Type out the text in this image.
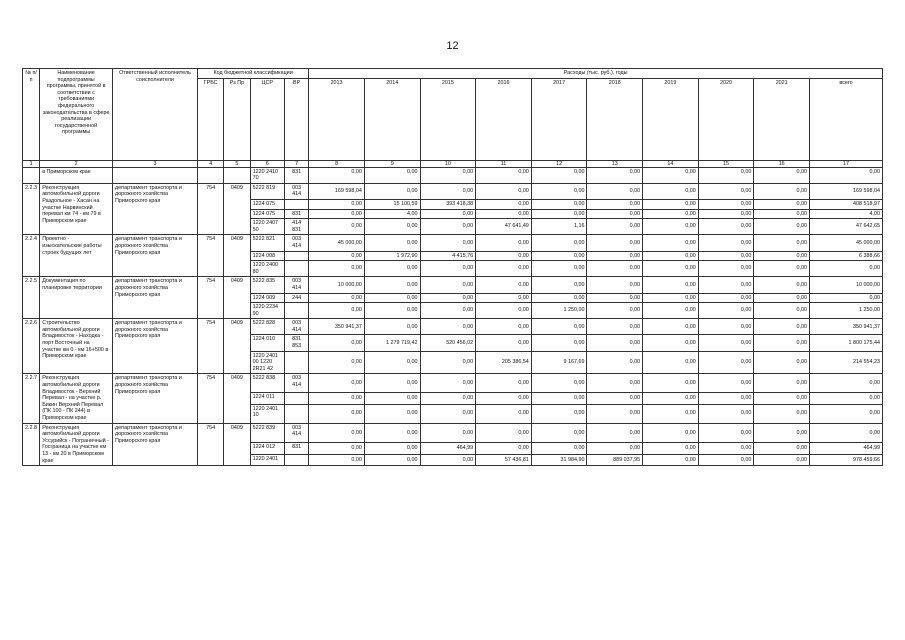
12
№ п/п	Наименование подпрограммы программы, принятой в соответствии с требованиями федерального законодательства в сфере реализации государственной программы	Ответственный исполнитель соисполнители	Код бюджетной классификации				Расходы (тыс. руб.), годы									
			ГРБС	Рз Пр	ЦСР	ВР	2013	2014	2015	2016	2017	2018	2019	2020	2021	всего
1	2	3	4	5	6	7	8	9	10	11	12	13	14	15	16	17
	в Приморском крае				1220 2410 70	831	0,00	0,00	0,00	0,00	0,00	0,00	0,00	0,00	0,00	0,00
2.2.3	Реконструкция автомобильной дороги Раздольное - Хасан на участке Нарвинский перевал км 74 - км 79 в Приморском крае	департамент транспорта и дорожного хозяйства Приморского края	754	0409	5222 819	003 414	169 598,04	0,00	0,00	0,00	0,00	0,00	0,00	0,00	0,00	169 598,04
					1224 075		0,00	15 100,59	393 418,38	0,00	0,00	0,00	0,00	0,00	0,00	408 518,97
					1224 075	831	0,00	4,00	0,00	0,00	0,00	0,00	0,00	0,00	0,00	4,00
					1220 2407 50	414 831	0,00	0,00	0,00	47 641,49	1,16	0,00	0,00	0,00	0,00	47 642,65
2.2.4	Проектно - изыскательские работы строек будущих лет	департамент транспорта и дорожного хозяйства Приморского края	754	0409	5222 821	003 414	45 000,00	0,00	0,00	0,00	0,00	0,00	0,00	0,00	0,00	45 000,00
					1224 008		0,00	1 972,90	4 415,76	0,00	0,00	0,00	0,00	0,00	0,00	6 388,66
					1220 2400 80		0,00	0,00	0,00	0,00	0,00	0,00	0,00	0,00	0,00	0,00
2.2.5	Документация по планировке территории	департамент транспорта и дорожного хозяйства Приморского края	754	0409	5222 835	003 414	10 000,00	0,00	0,00	0,00	0,00	0,00	0,00	0,00	0,00	10 000,00
					1224 009	244	0,00	0,00	0,00	0,00	0,00	0,00	0,00	0,00	0,00	0,00
					1220 2234 90		0,00	0,00	0,00	0,00	1 250,00	0,00	0,00	0,00	0,00	1 250,00
2.2.6	Строительство автомобильной дороги Владивосток - Находка - порт Восточный на участке км 0 - км 16+500 в Приморском крае	департамент транспорта и дорожного хозяйства Приморского края	754	0409	5222 828	003 414	350 941,37	0,00	0,00	0,00	0,00	0,00	0,00	0,00	0,00	350 941,37
					1224 010	831 853	0,00	1 279 719,42	520 456,02	0,00	0,00	0,00	0,00	0,00	0,00	1 800 175,44
					1220 2401 00 1220 2R21 42		0,00	0,00	0,00	205 386,54	9 167,69	0,00	0,00	0,00	0,00	214 554,23
2.2.7	Реконструкция автомобильной дороги Владивосток - Верхний Перевал - на участке р. Бикин Верхний Перевал (ПК 100 - ПК 244) в Приморском крае	департамент транспорта и дорожного хозяйства Приморского края	754	0409	5222 838	003 414	0,00	0,00	0,00	0,00	0,00	0,00	0,00	0,00	0,00	0,00
					1224 011		0,00	0,00	0,00	0,00	0,00	0,00	0,00	0,00	0,00	0,00
					1220 2401 10		0,00	0,00	0,00	0,00	0,00	0,00	0,00	0,00	0,00	0,00
2.2.8	Реконструкция автомобильной дороги Уссурийск - Пограничный - Госграница на участке км 13 - км 20 в Приморском крае	департамент транспорта и дорожного хозяйства Приморского края	754	0409	5222 839	003 414	0,00	0,00	0,00	0,00	0,00	0,00	0,00	0,00	0,00	0,00
					1224 012	831	0,00	0,00	464,99	0,00	0,00	0,00	0,00	0,00	0,00	464,99
					1220 2401		0,00	0,00	0,00	57 436,81	31 984,90	889 037,95	0,00	0,00	0,00	978 459,66
